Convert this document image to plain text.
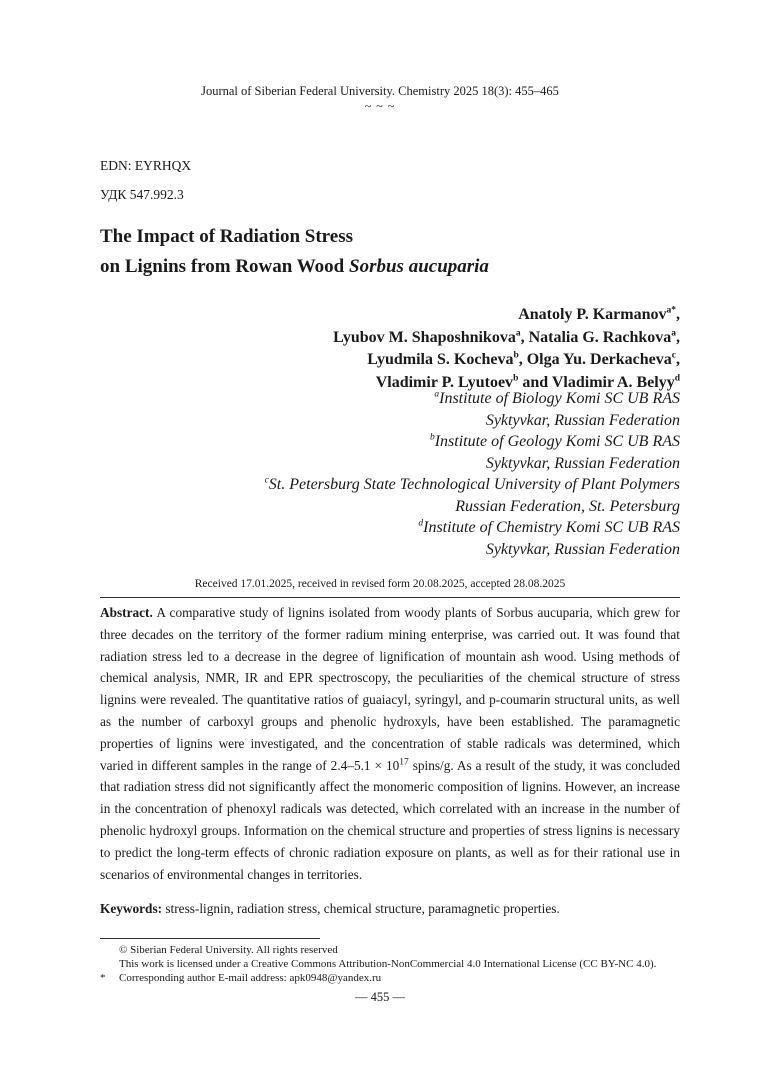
Journal of Siberian Federal University. Chemistry 2025 18(3): 455–465
~ ~ ~
EDN: EYRHQX
УДК 547.992.3
The Impact of Radiation Stress
on Lignins from Rowan Wood Sorbus aucuparia
Anatoly P. Karmanov$^{a*}$,
Lyubov M. Shaposhnikova$^a$, Natalia G. Rachkova$^a$,
Lyudmila S. Kocheva$^b$, Olga Yu. Derkacheva$^c$,
Vladimir P. Lyutoev$^b$ and Vladimir A. Belyy$^d$
$^a$Institute of Biology Komi SC UB RAS
Syktyvkar, Russian Federation
$^b$Institute of Geology Komi SC UB RAS
Syktyvkar, Russian Federation
$^c$St. Petersburg State Technological University of Plant Polymers
Russian Federation, St. Petersburg
$^d$Institute of Chemistry Komi SC UB RAS
Syktyvkar, Russian Federation
Received 17.01.2025, received in revised form 20.08.2025, accepted 28.08.2025
Abstract. A comparative study of lignins isolated from woody plants of Sorbus aucuparia, which grew for three decades on the territory of the former radium mining enterprise, was carried out. It was found that radiation stress led to a decrease in the degree of lignification of mountain ash wood. Using methods of chemical analysis, NMR, IR and EPR spectroscopy, the peculiarities of the chemical structure of stress lignins were revealed. The quantitative ratios of guaiacyl, syringyl, and p-coumarin structural units, as well as the number of carboxyl groups and phenolic hydroxyls, have been established. The paramagnetic properties of lignins were investigated, and the concentration of stable radicals was determined, which varied in different samples in the range of $2.4-5.1 \times 10^{17}$ spins/g. As a result of the study, it was concluded that radiation stress did not significantly affect the monomeric composition of lignins. However, an increase in the concentration of phenoxyl radicals was detected, which correlated with an increase in the number of phenolic hydroxyl groups. Information on the chemical structure and properties of stress lignins is necessary to predict the long-term effects of chronic radiation exposure on plants, as well as for their rational use in scenarios of environmental changes in territories.
Keywords: stress-lignin, radiation stress, chemical structure, paramagnetic properties.
© Siberian Federal University. All rights reserved
This work is licensed under a Creative Commons Attribution-NonCommercial 4.0 International License (CC BY-NC 4.0).
* Corresponding author E-mail address: apk0948@yandex.ru
— 455 —
